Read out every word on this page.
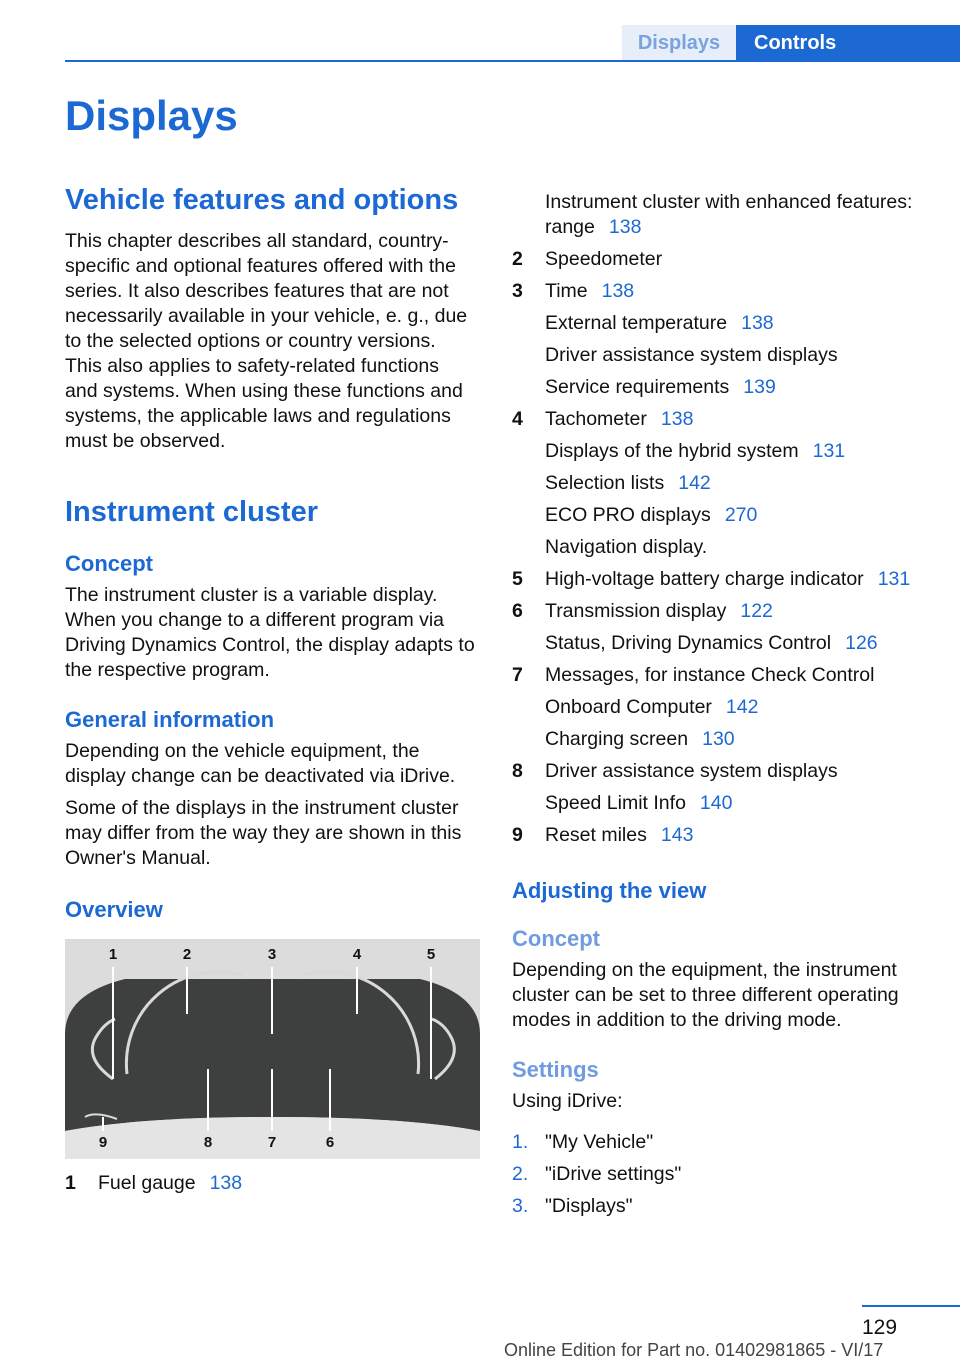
Displays	Controls
Displays
Vehicle features and options

This chapter describes all standard, country-specific and optional features offered with the series. It also describes features that are not necessarily available in your vehicle, e. g., due to the selected options or country versions. This also applies to safety-related functions and systems. When using these functions and systems, the applicable laws and regulations must be observed.

Instrument cluster
Concept

The instrument cluster is a variable display. When you change to a different program via Driving Dynamics Control, the display adapts to the respective program.

General information

Depending on the vehicle equipment, the display change can be deactivated via iDrive.

Some of the displays in the instrument cluster may differ from the way they are shown in this Owner's Manual.

Overview
1	2	3	4	5
9	8	7	6
1	Fuel gauge 138
Instrument cluster with enhanced features: range 138
2	Speedometer
3	Time 138
External temperature 138
Driver assistance system displays
Service requirements 139
4	Tachometer 138
Displays of the hybrid system 131
Selection lists 142
ECO PRO displays 270
Navigation display.
5	High-voltage battery charge indicator 131
6	Transmission display 122
Status, Driving Dynamics Control 126
7	Messages, for instance Check Control
Onboard Computer 142
Charging screen 130
8	Driver assistance system displays
Speed Limit Info 140
9	Reset miles 143
Adjusting the view
Concept

Depending on the equipment, the instrument cluster can be set to three different operating modes in addition to the driving mode.

Settings

Using iDrive:

1. "My Vehicle"
2. "iDrive settings"
3. "Displays"
129
Online Edition for Part no. 01402981865 - VI/17
